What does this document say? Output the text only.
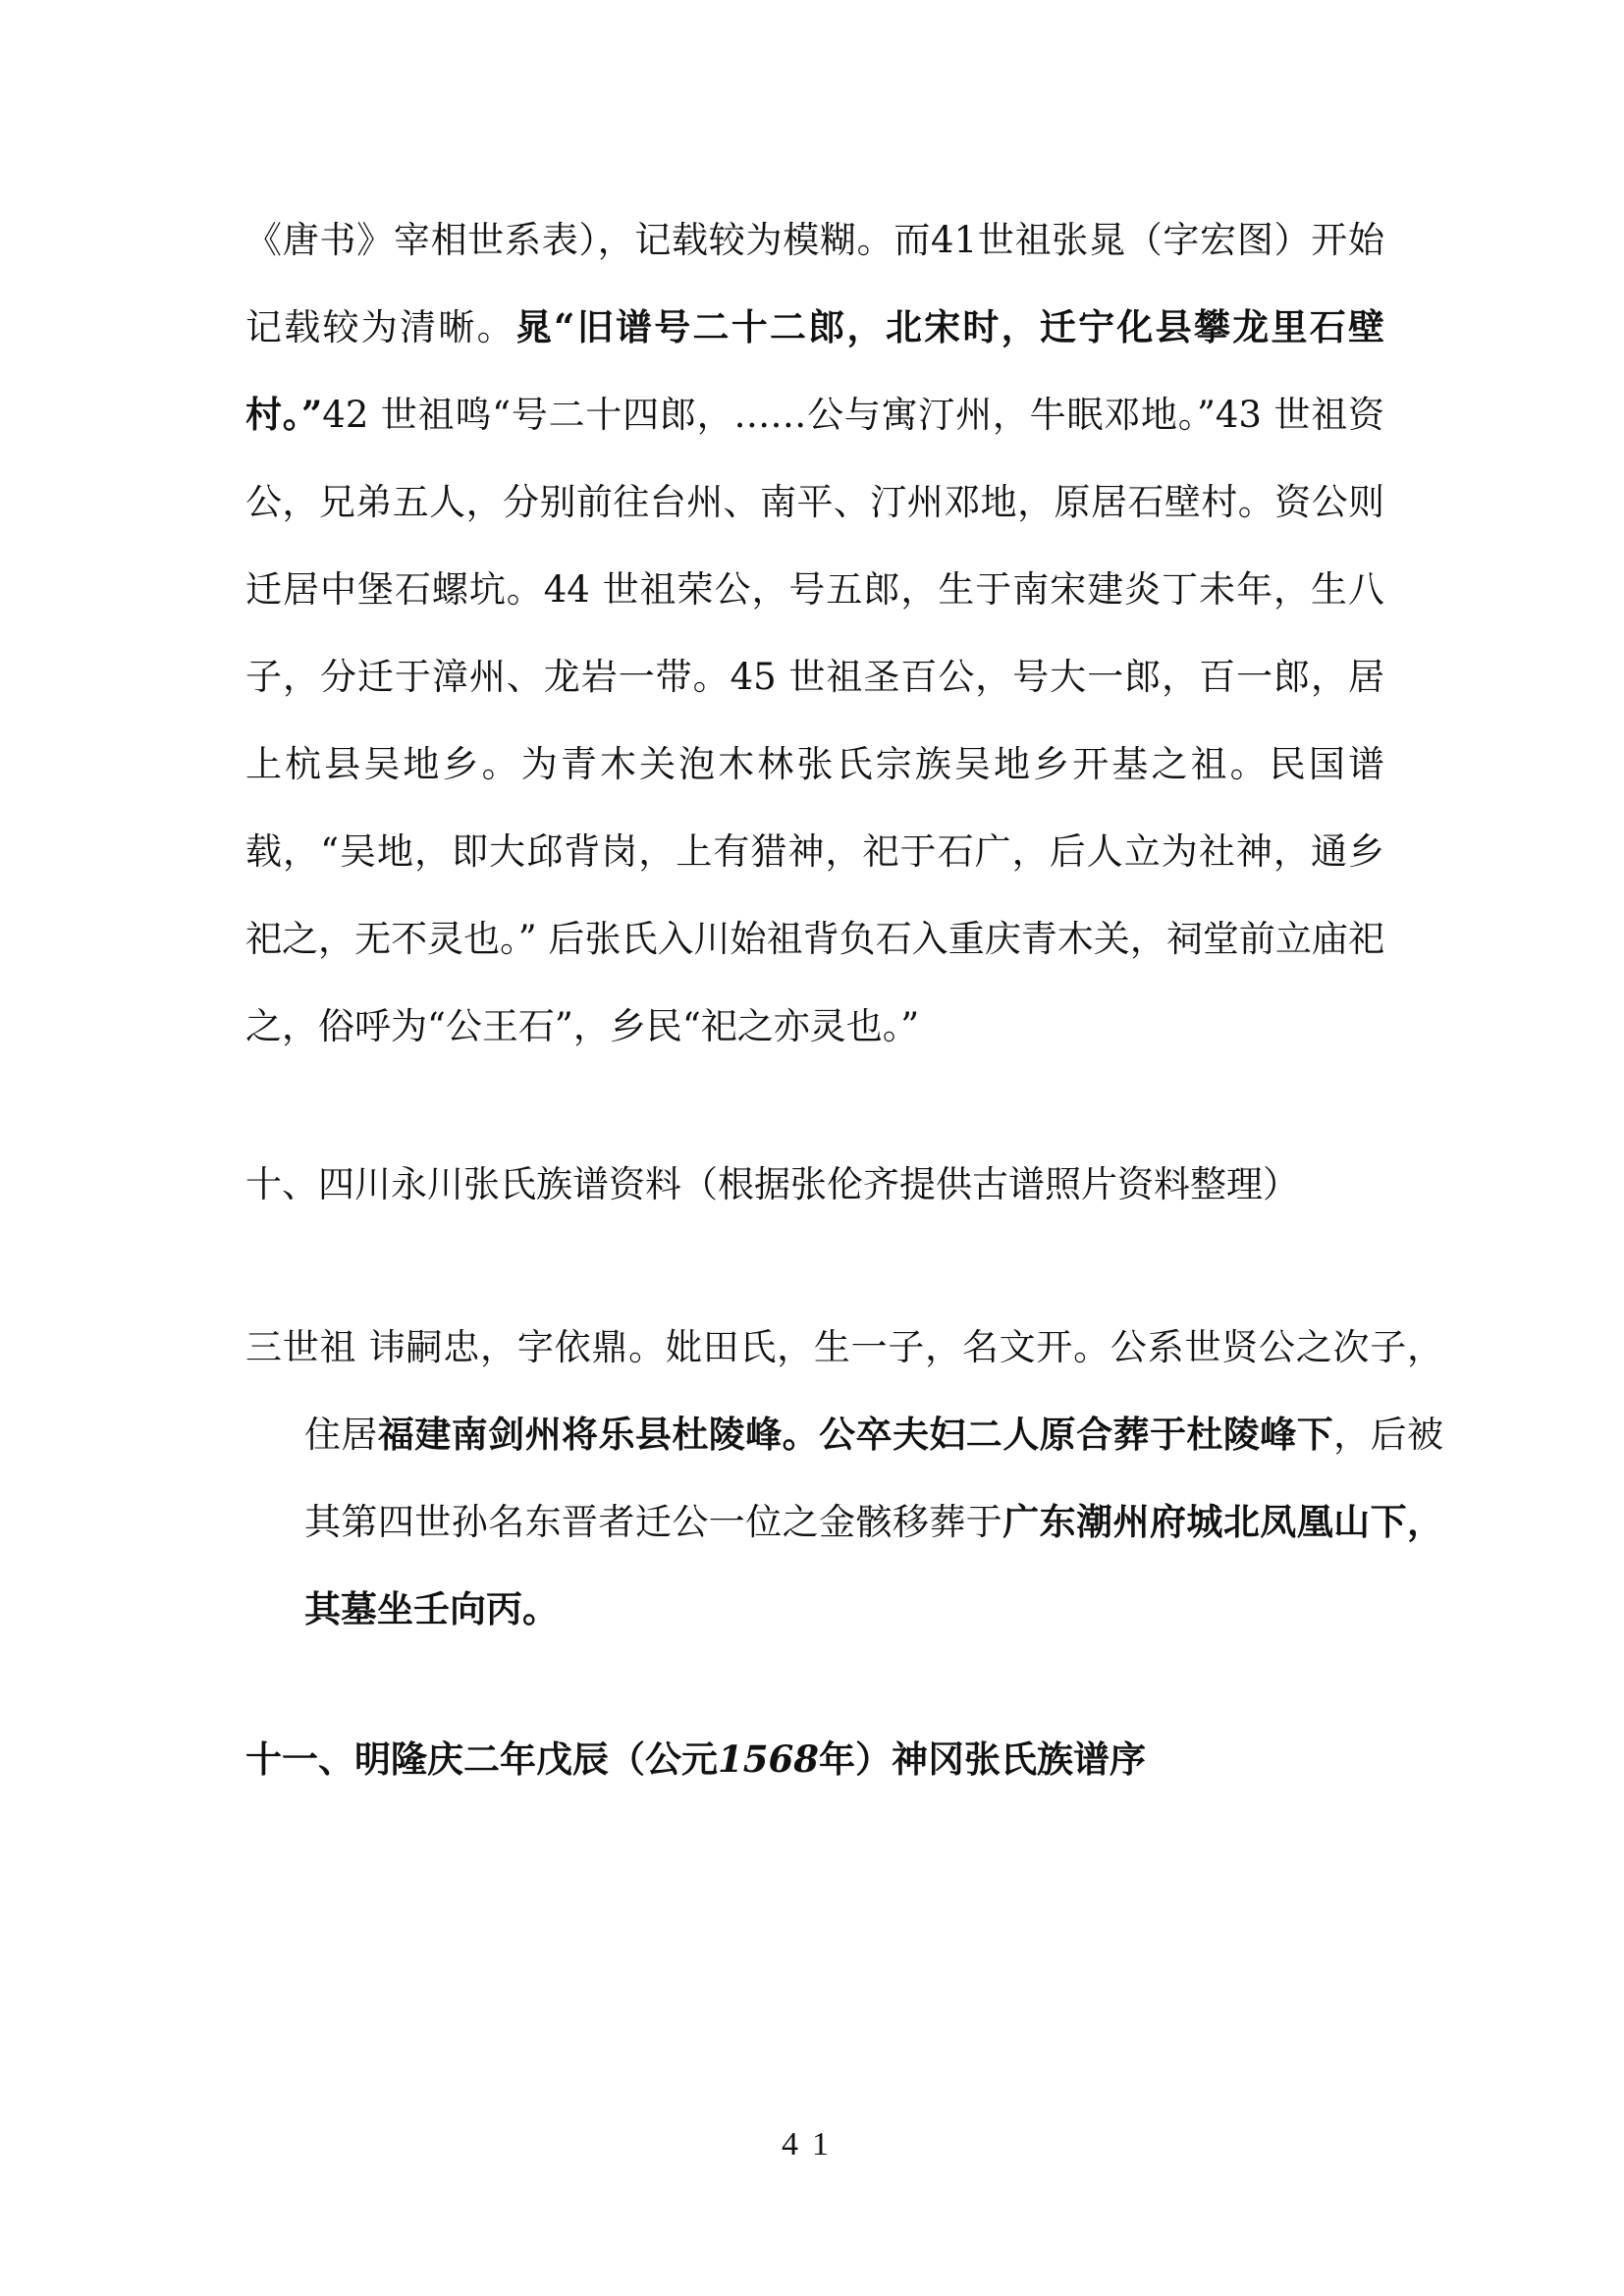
《唐书》宰相世系表），记载较为模糊。而41世祖张晁（字宏图）开始记载较为清晰。晁“旧谱号二十二郎，北宋时，迁宁化县攀龙里石壁村。”42 世祖鸣“号二十四郎，……公与寓汀州，牛眠邓地。”43 世祖资公，兄弟五人，分别前往台州、南平、汀州邓地，原居石壁村。资公则迁居中堡石螺坑。44 世祖荣公，号五郎，生于南宋建炎丁未年，生八子，分迁于漳州、龙岩一带。45 世祖圣百公，号大一郎，百一郎，居上杭县吴地乡。为青木关泡木林张氏宗族吴地乡开基之祖。民国谱载，“吴地，即大邱背岗，上有猎神，祀于石广，后人立为社神，通乡祀之，无不灵也。” 后张氏入川始祖背负石入重庆青木关，祠堂前立庙祀之，俗呼为“公王石”，乡民“祀之亦灵也。”

十、四川永川张氏族谱资料（根据张伦齐提供古谱照片资料整理）

三世祖 讳嗣忠，字依鼎。妣田氏，生一子，名文开。公系世贤公之次子，住居福建南剑州将乐县杜陵峰。公卒夫妇二人原合葬于杜陵峰下，后被其第四世孙名东晋者迁公一位之金骸移葬于广东潮州府城北凤凰山下，其墓坐壬向丙。

十一、明隆庆二年戊辰（公元1568年）神冈张氏族谱序

41
